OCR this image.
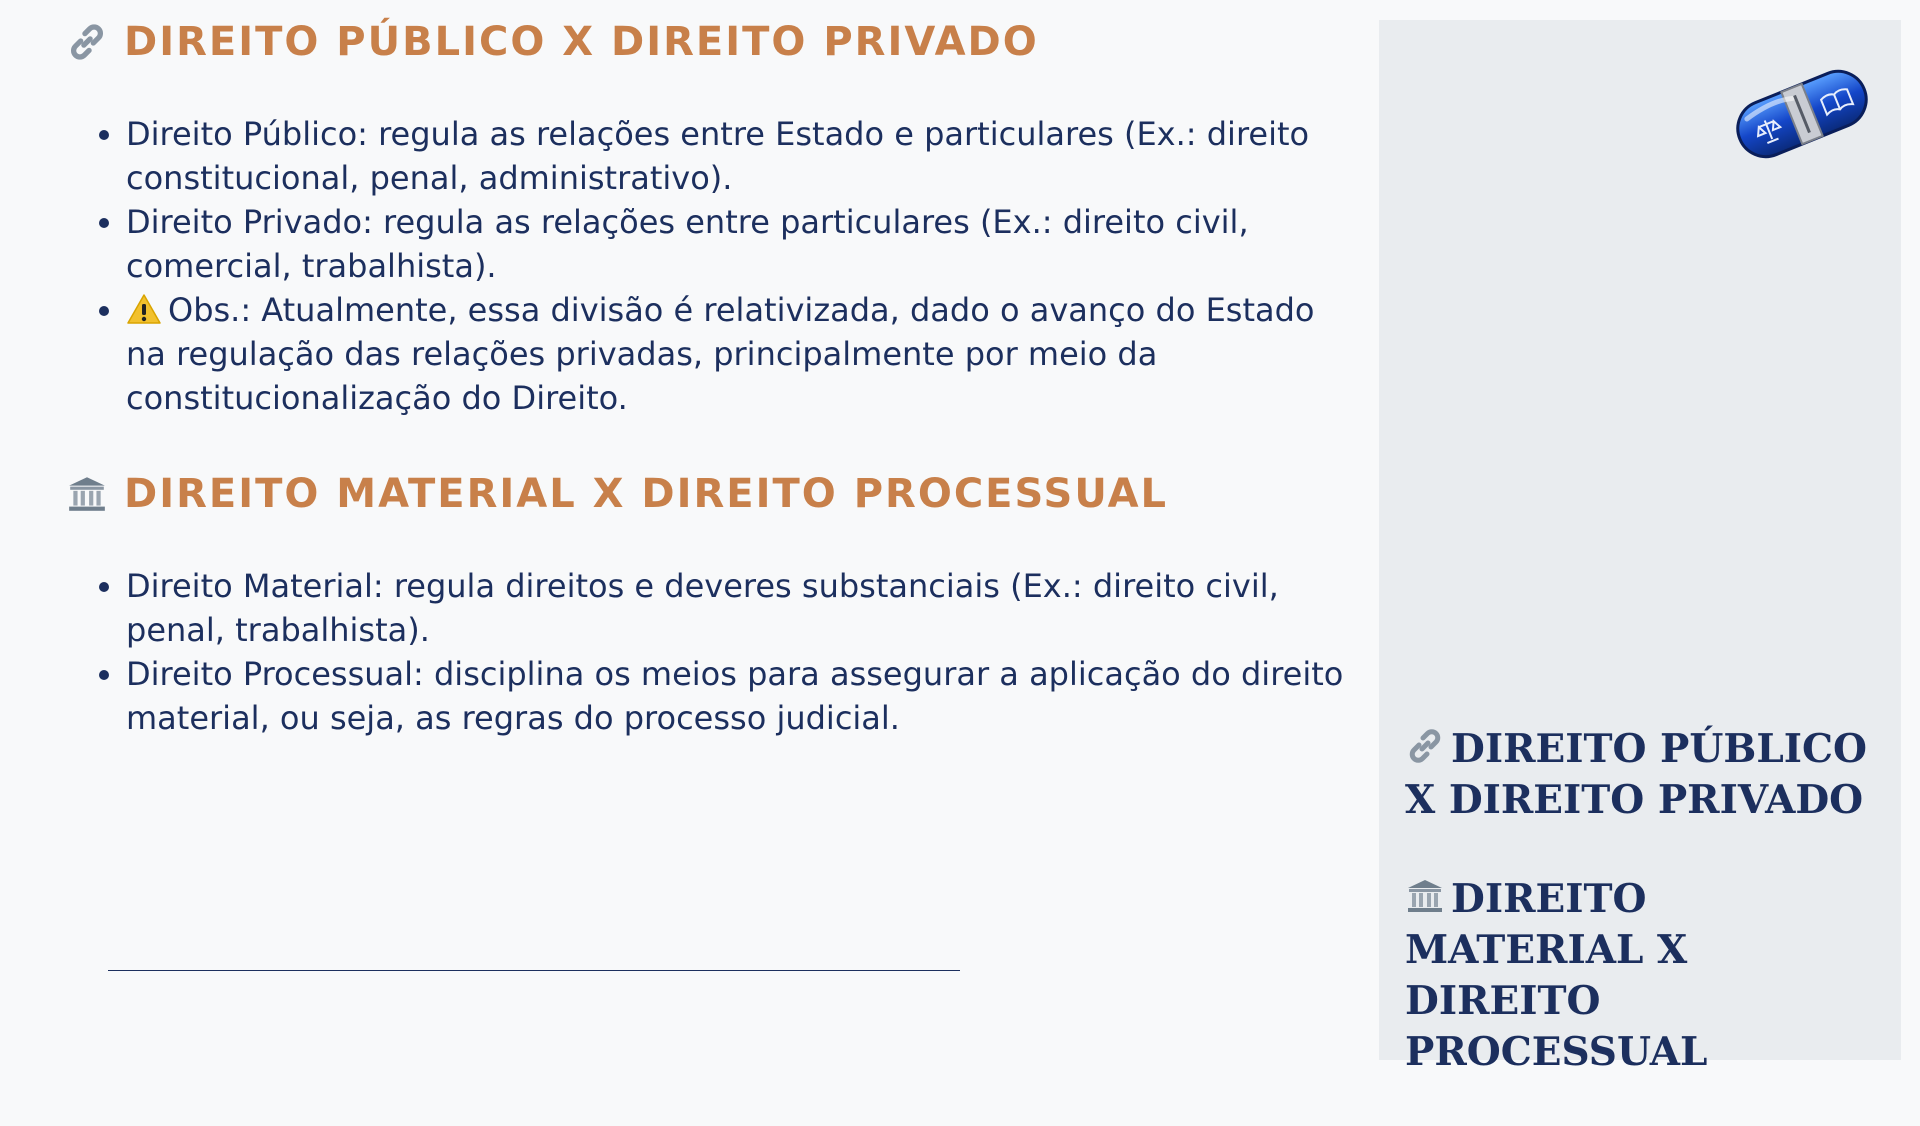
DIREITO PÚBLICO X DIREITO PRIVADO
• Direito Público: regula as relações entre Estado e particulares (Ex.: direito constitucional, penal, administrativo).
• Direito Privado: regula as relações entre particulares (Ex.: direito civil, comercial, trabalhista).
• Obs.: Atualmente, essa divisão é relativizada, dado o avanço do Estado na regulação das relações privadas, principalmente por meio da constitucionalização do Direito.
DIREITO MATERIAL X DIREITO PROCESSUAL
• Direito Material: regula direitos e deveres substanciais (Ex.: direito civil, penal, trabalhista).
• Direito Processual: disciplina os meios para assegurar a aplicação do direito material, ou seja, as regras do processo judicial.

DIREITO PÚBLICO X DIREITO PRIVADO

DIREITO MATERIAL X DIREITO PROCESSUAL
